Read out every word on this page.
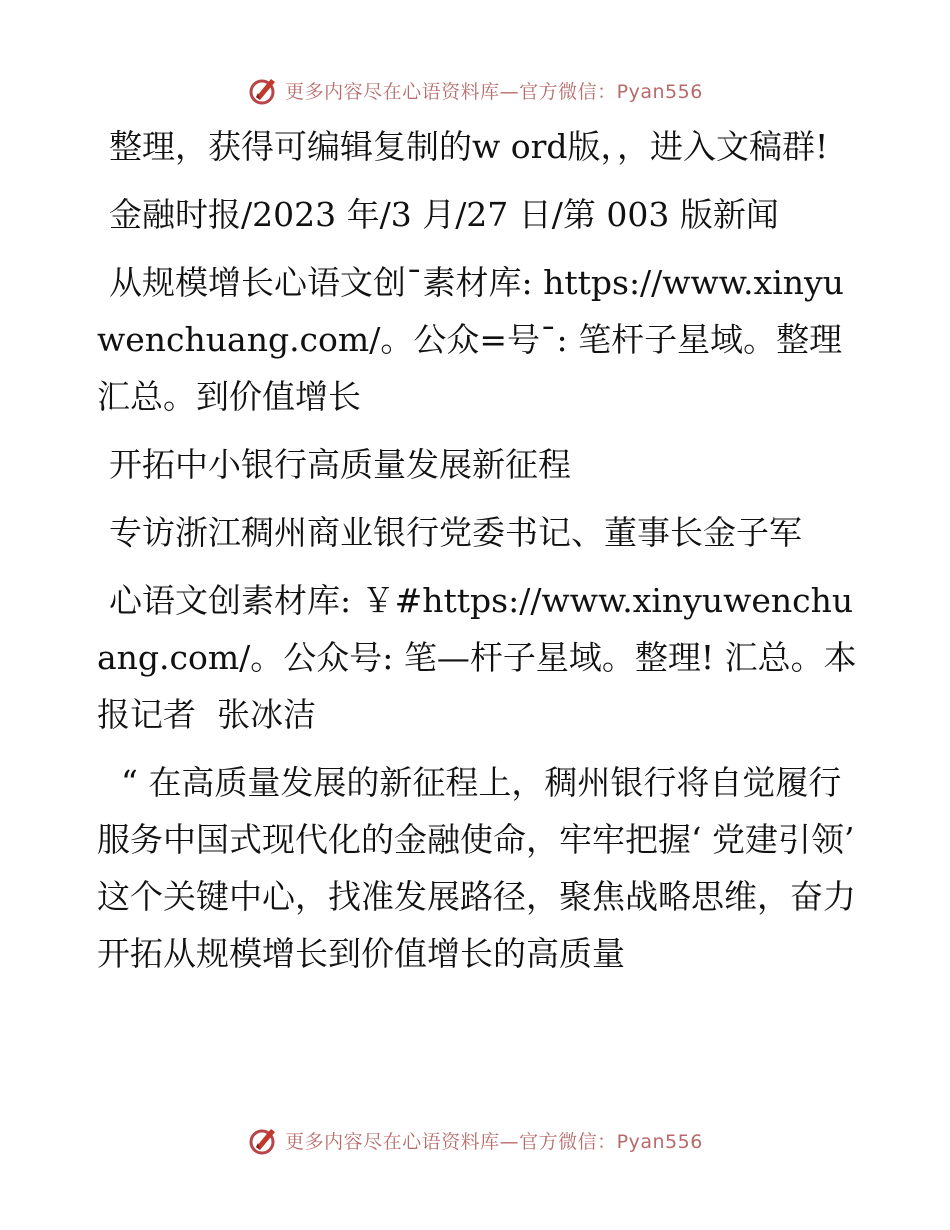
更多内容尽在心语资料库—官方微信：Pyan556

整理，获得可编辑复制的w ord版，，进入文稿群!

金融时报/2023 年/3 月/27 日/第 003 版新闻

从规模增长心语文创¯素材库: https://www.xinyuwenchuang.com/。公众=号¯: 笔杆子星域。整理汇总。到价值增长

开拓中小银行高质量发展新征程

专访浙江稠州商业银行党委书记、董事长金子军

心语文创素材库: ￥#https://www.xinyuwenchuang.com/。公众号: 笔—杆子星域。整理! 汇总。本报记者  张冰洁

“ 在高质量发展的新征程上，稠州银行将自觉履行服务中国式现代化的金融使命，牢牢把握‘ 党建引领’ 这个关键中心，找准发展路径，聚焦战略思维，奋力开拓从规模增长到价值增长的高质量

更多内容尽在心语资料库—官方微信：Pyan556
